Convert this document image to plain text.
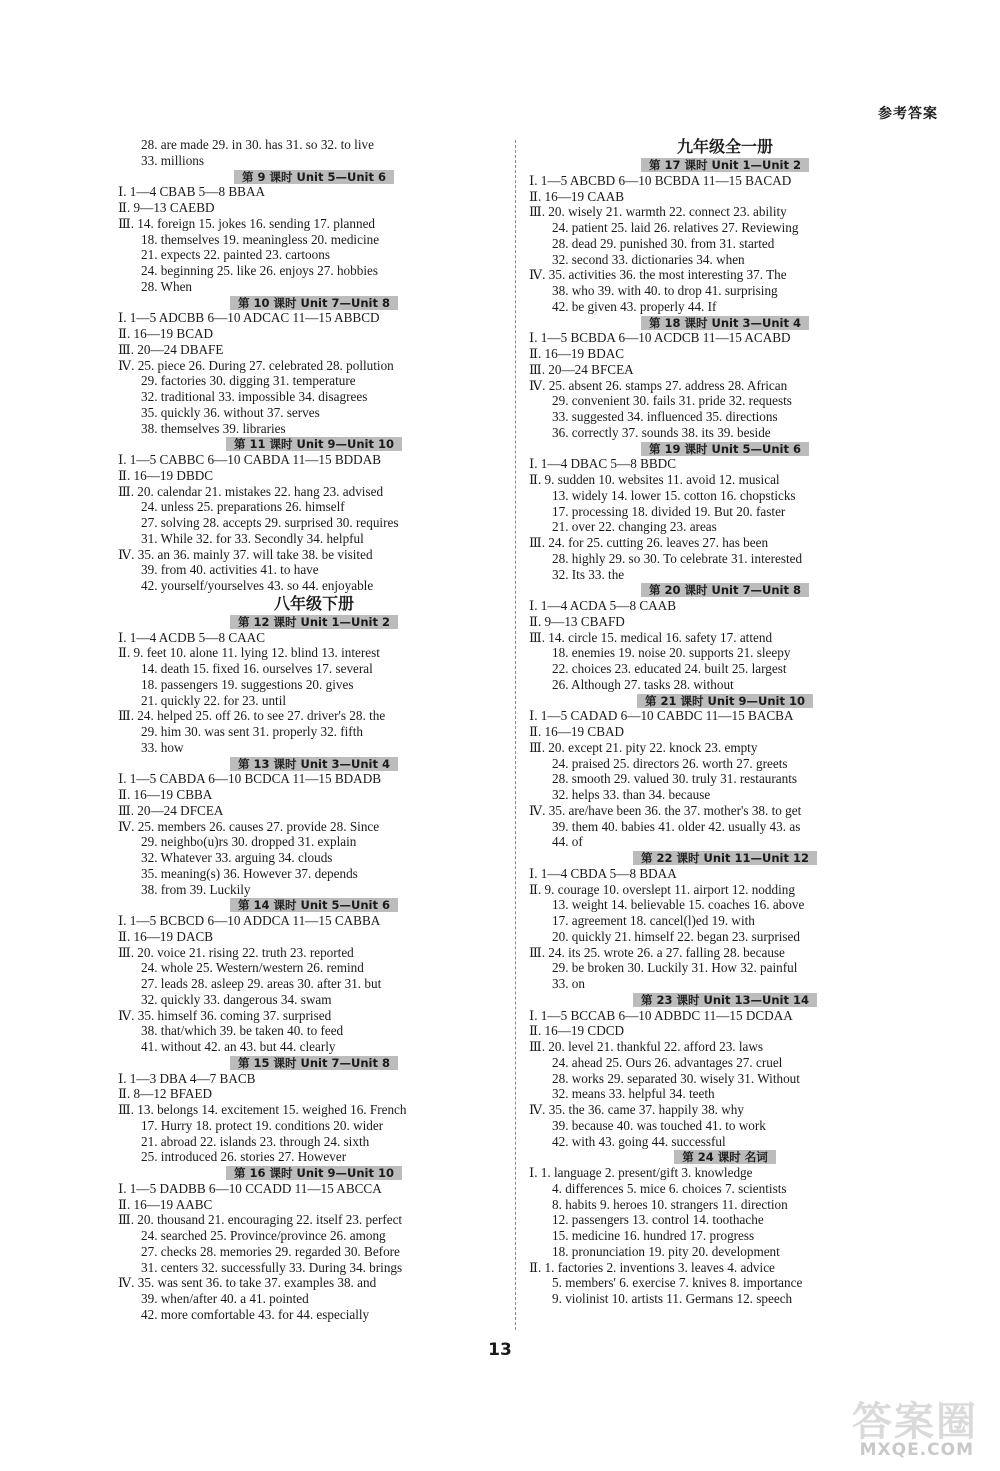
参考答案
28. are made 29. in 30. has 31. so 32. to live
33. millions
第 9 课时 Unit 5—Unit 6
Ⅰ. 1—4 CBAB 5—8 BBAA
Ⅱ. 9—13 CAEBD
Ⅲ. 14. foreign 15. jokes 16. sending 17. planned
18. themselves 19. meaningless 20. medicine
21. expects 22. painted 23. cartoons
24. beginning 25. like 26. enjoys 27. hobbies
28. When
第 10 课时 Unit 7—Unit 8
Ⅰ. 1—5 ADCBB 6—10 ADCAC 11—15 ABBCD
Ⅱ. 16—19 BCAD
Ⅲ. 20—24 DBAFE
Ⅳ. 25. piece 26. During 27. celebrated 28. pollution
29. factories 30. digging 31. temperature
32. traditional 33. impossible 34. disagrees
35. quickly 36. without 37. serves
38. themselves 39. libraries
第 11 课时 Unit 9—Unit 10
Ⅰ. 1—5 CABBC 6—10 CABDA 11—15 BDDAB
Ⅱ. 16—19 DBDC
Ⅲ. 20. calendar 21. mistakes 22. hang 23. advised
24. unless 25. preparations 26. himself
27. solving 28. accepts 29. surprised 30. requires
31. While 32. for 33. Secondly 34. helpful
Ⅳ. 35. an 36. mainly 37. will take 38. be visited
39. from 40. activities 41. to have
42. yourself/yourselves 43. so 44. enjoyable
八年级下册
第 12 课时 Unit 1—Unit 2
Ⅰ. 1—4 ACDB 5—8 CAAC
Ⅱ. 9. feet 10. alone 11. lying 12. blind 13. interest
14. death 15. fixed 16. ourselves 17. several
18. passengers 19. suggestions 20. gives
21. quickly 22. for 23. until
Ⅲ. 24. helped 25. off 26. to see 27. driver's 28. the
29. him 30. was sent 31. properly 32. fifth
33. how
第 13 课时 Unit 3—Unit 4
Ⅰ. 1—5 CABDA 6—10 BCDCA 11—15 BDADB
Ⅱ. 16—19 CBBA
Ⅲ. 20—24 DFCEA
Ⅳ. 25. members 26. causes 27. provide 28. Since
29. neighbo(u)rs 30. dropped 31. explain
32. Whatever 33. arguing 34. clouds
35. meaning(s) 36. However 37. depends
38. from 39. Luckily
第 14 课时 Unit 5—Unit 6
Ⅰ. 1—5 BCBCD 6—10 ADDCA 11—15 CABBA
Ⅱ. 16—19 DACB
Ⅲ. 20. voice 21. rising 22. truth 23. reported
24. whole 25. Western/western 26. remind
27. leads 28. asleep 29. areas 30. after 31. but
32. quickly 33. dangerous 34. swam
Ⅳ. 35. himself 36. coming 37. surprised
38. that/which 39. be taken 40. to feed
41. without 42. an 43. but 44. clearly
第 15 课时 Unit 7—Unit 8
Ⅰ. 1—3 DBA 4—7 BACB
Ⅱ. 8—12 BFAED
Ⅲ. 13. belongs 14. excitement 15. weighed 16. French
17. Hurry 18. protect 19. conditions 20. wider
21. abroad 22. islands 23. through 24. sixth
25. introduced 26. stories 27. However
第 16 课时 Unit 9—Unit 10
Ⅰ. 1—5 DADBB 6—10 CCADD 11—15 ABCCA
Ⅱ. 16—19 AABC
Ⅲ. 20. thousand 21. encouraging 22. itself 23. perfect
24. searched 25. Province/province 26. among
27. checks 28. memories 29. regarded 30. Before
31. centers 32. successfully 33. During 34. brings
Ⅳ. 35. was sent 36. to take 37. examples 38. and
39. when/after 40. a 41. pointed
42. more comfortable 43. for 44. especially
九年级全一册
第 17 课时 Unit 1—Unit 2
Ⅰ. 1—5 ABCBD 6—10 BCBDA 11—15 BACAD
Ⅱ. 16—19 CAAB
Ⅲ. 20. wisely 21. warmth 22. connect 23. ability
24. patient 25. laid 26. relatives 27. Reviewing
28. dead 29. punished 30. from 31. started
32. second 33. dictionaries 34. when
Ⅳ. 35. activities 36. the most interesting 37. The
38. who 39. with 40. to drop 41. surprising
42. be given 43. properly 44. If
第 18 课时 Unit 3—Unit 4
Ⅰ. 1—5 BCBDA 6—10 ACDCB 11—15 ACABD
Ⅱ. 16—19 BDAC
Ⅲ. 20—24 BFCEA
Ⅳ. 25. absent 26. stamps 27. address 28. African
29. convenient 30. fails 31. pride 32. requests
33. suggested 34. influenced 35. directions
36. correctly 37. sounds 38. its 39. beside
第 19 课时 Unit 5—Unit 6
Ⅰ. 1—4 DBAC 5—8 BBDC
Ⅱ. 9. sudden 10. websites 11. avoid 12. musical
13. widely 14. lower 15. cotton 16. chopsticks
17. processing 18. divided 19. But 20. faster
21. over 22. changing 23. areas
Ⅲ. 24. for 25. cutting 26. leaves 27. has been
28. highly 29. so 30. To celebrate 31. interested
32. Its 33. the
第 20 课时 Unit 7—Unit 8
Ⅰ. 1—4 ACDA 5—8 CAAB
Ⅱ. 9—13 CBAFD
Ⅲ. 14. circle 15. medical 16. safety 17. attend
18. enemies 19. noise 20. supports 21. sleepy
22. choices 23. educated 24. built 25. largest
26. Although 27. tasks 28. without
第 21 课时 Unit 9—Unit 10
Ⅰ. 1—5 CADAD 6—10 CABDC 11—15 BACBA
Ⅱ. 16—19 CBAD
Ⅲ. 20. except 21. pity 22. knock 23. empty
24. praised 25. directors 26. worth 27. greets
28. smooth 29. valued 30. truly 31. restaurants
32. helps 33. than 34. because
Ⅳ. 35. are/have been 36. the 37. mother's 38. to get
39. them 40. babies 41. older 42. usually 43. as
44. of
第 22 课时 Unit 11—Unit 12
Ⅰ. 1—4 CBDA 5—8 BDAA
Ⅱ. 9. courage 10. overslept 11. airport 12. nodding
13. weight 14. believable 15. coaches 16. above
17. agreement 18. cancel(l)ed 19. with
20. quickly 21. himself 22. began 23. surprised
Ⅲ. 24. its 25. wrote 26. a 27. falling 28. because
29. be broken 30. Luckily 31. How 32. painful
33. on
第 23 课时 Unit 13—Unit 14
Ⅰ. 1—5 BCCAB 6—10 ADBDC 11—15 DCDAA
Ⅱ. 16—19 CDCD
Ⅲ. 20. level 21. thankful 22. afford 23. laws
24. ahead 25. Ours 26. advantages 27. cruel
28. works 29. separated 30. wisely 31. Without
32. means 33. helpful 34. teeth
Ⅳ. 35. the 36. came 37. happily 38. why
39. because 40. was touched 41. to work
42. with 43. going 44. successful
第 24 课时 名词
Ⅰ. 1. language 2. present/gift 3. knowledge
4. differences 5. mice 6. choices 7. scientists
8. habits 9. heroes 10. strangers 11. direction
12. passengers 13. control 14. toothache
15. medicine 16. hundred 17. progress
18. pronunciation 19. pity 20. development
Ⅱ. 1. factories 2. inventions 3. leaves 4. advice
5. members' 6. exercise 7. knives 8. importance
9. violinist 10. artists 11. Germans 12. speech
13
答案圈
MXQE.COM
